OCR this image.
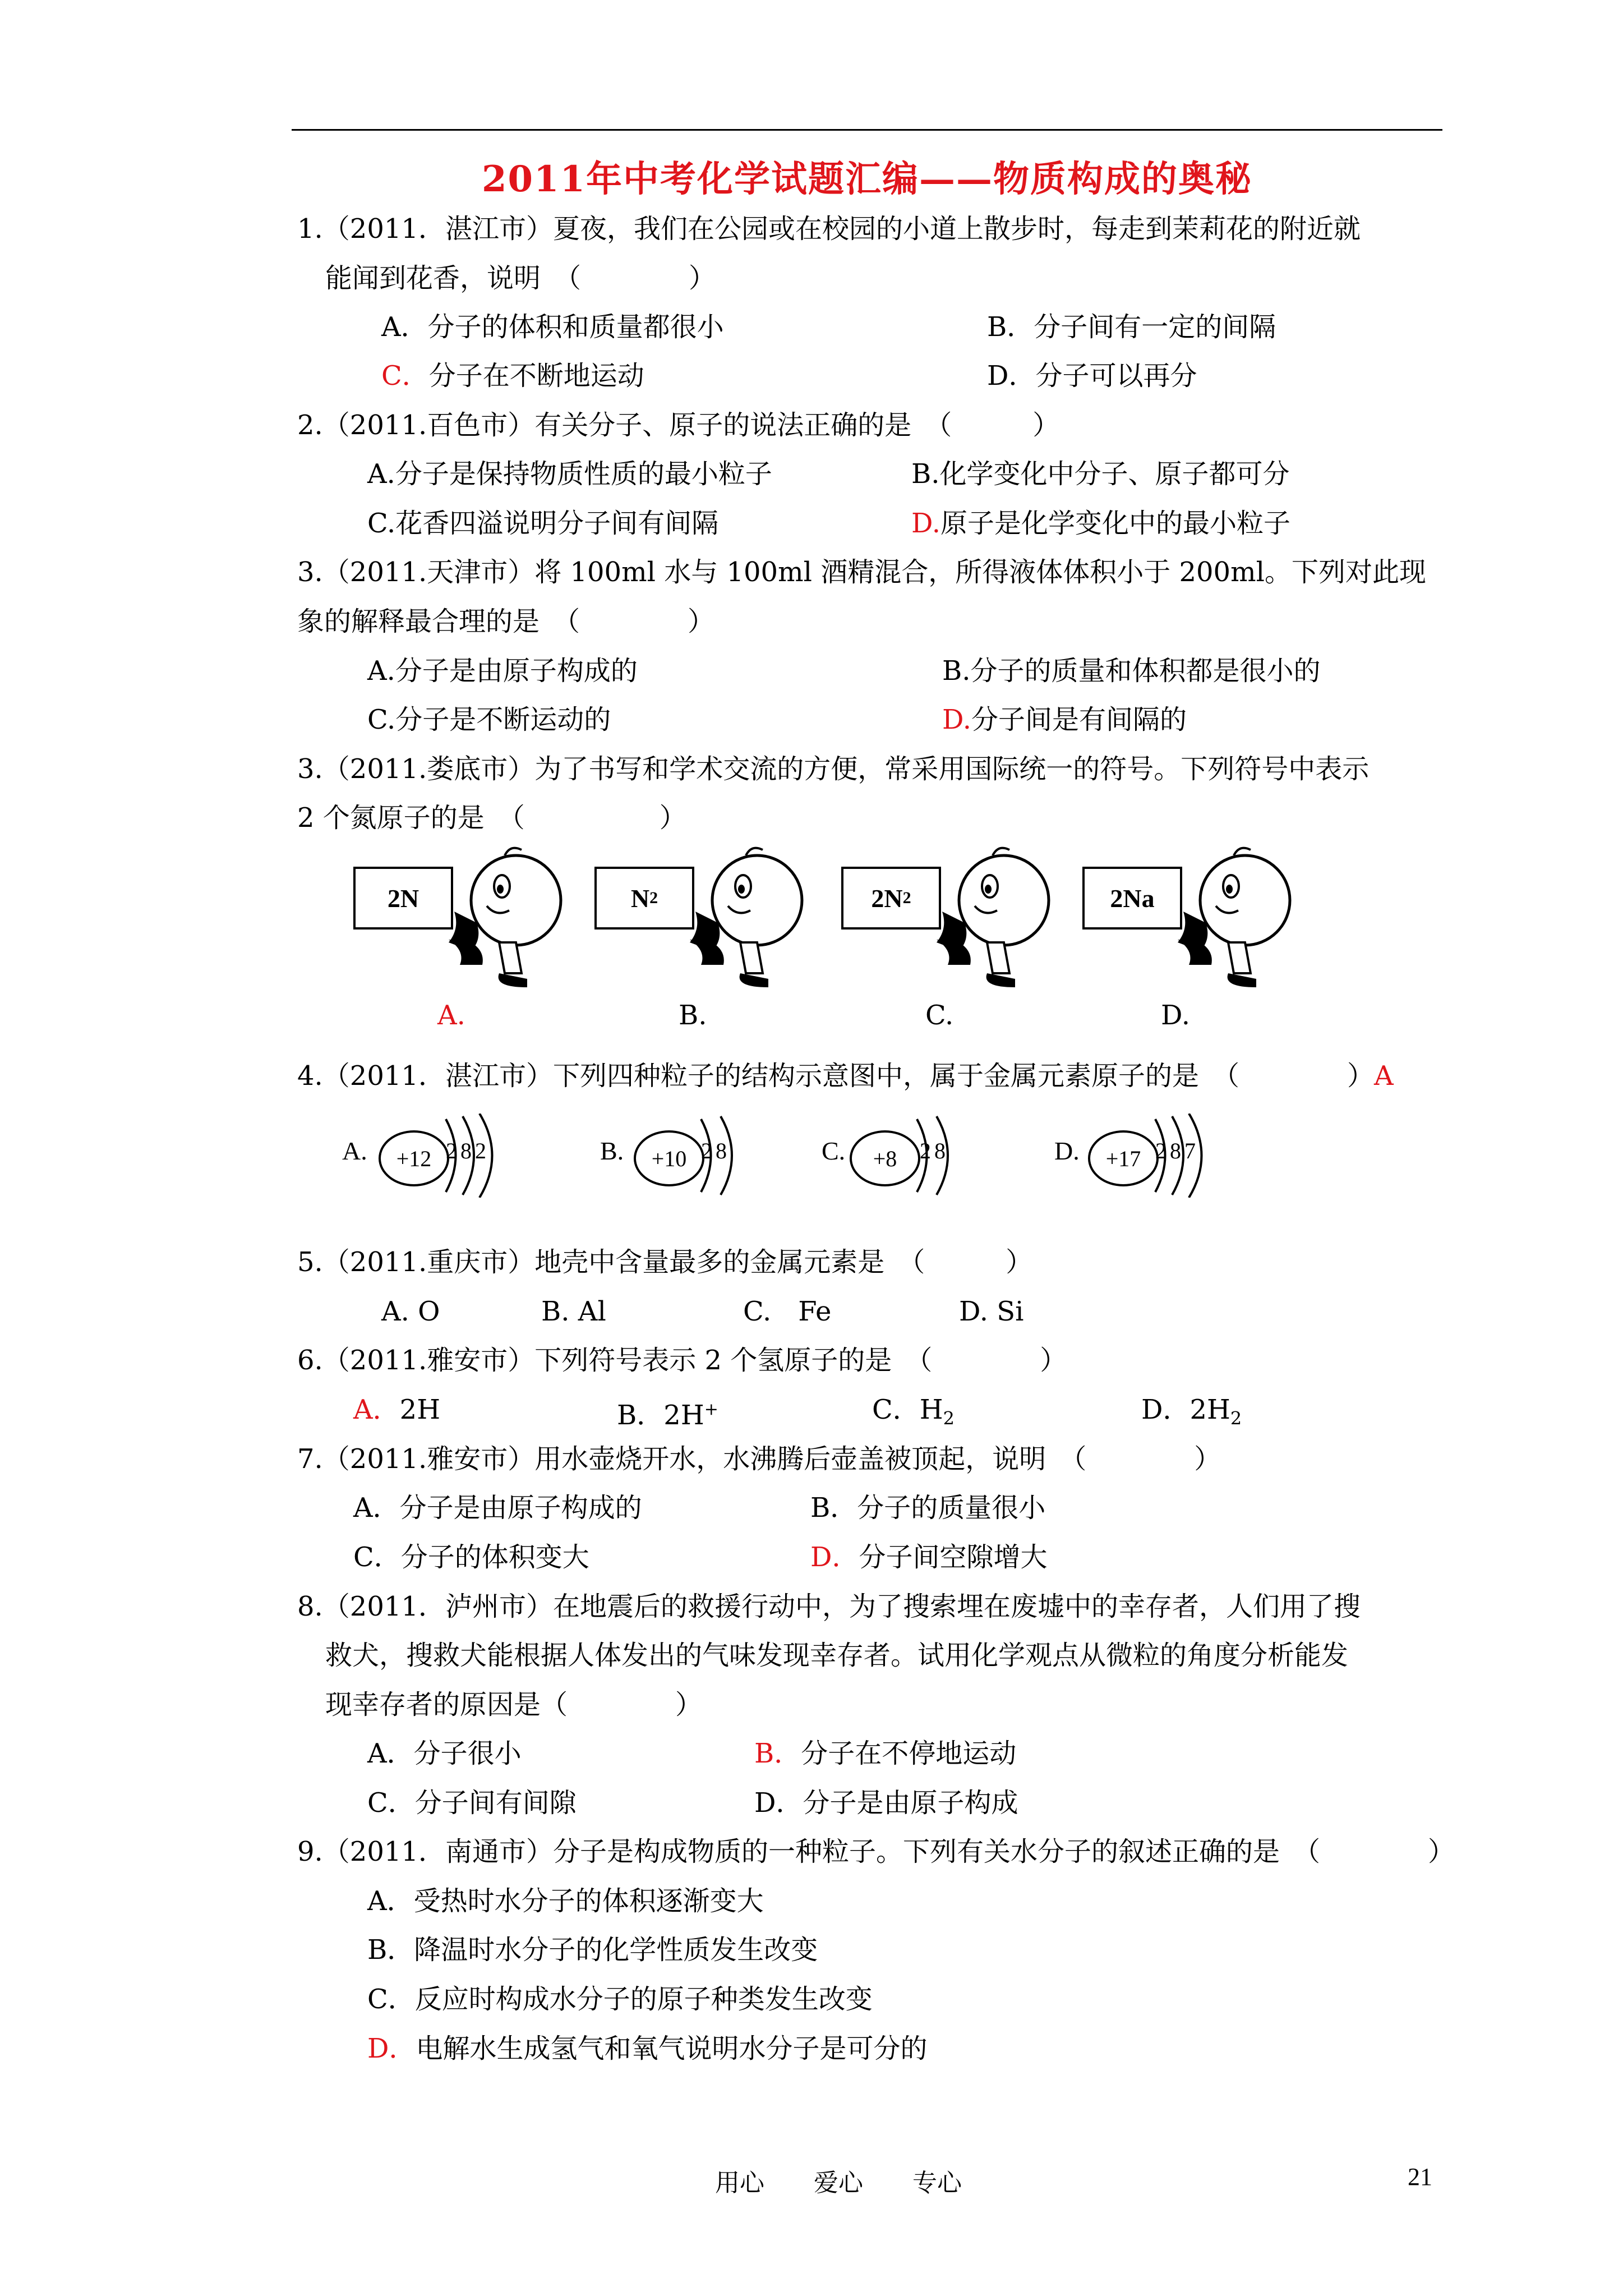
2011年中考化学试题汇编——物质构成的奥秘
1.（2011．湛江市）夏夜，我们在公园或在校园的小道上散步时，每走到茉莉花的附近就
能闻到花香，说明　（　　　　）
A．分子的体积和质量都很小	B．分子间有一定的间隔
C．分子在不断地运动	D．分子可以再分
2.（2011.百色市）有关分子、原子的说法正确的是　（　　　）
A.分子是保持物质性质的最小粒子	B.化学变化中分子、原子都可分
C.花香四溢说明分子间有间隔	D.原子是化学变化中的最小粒子
3.（2011.天津市）将 100ml 水与 100ml 酒精混合，所得液体体积小于 200ml。下列对此现
象的解释最合理的是　（　　　　）
A.分子是由原子构成的	B.分子的质量和体积都是很小的
C.分子是不断运动的	D.分子间是有间隔的
3.（2011.娄底市）为了书写和学术交流的方便，常采用国际统一的符号。下列符号中表示
2 个氮原子的是　（　　　　　）
2N	N 2	2N 2	2Na
A.	B.	C.	D.
4.（2011．湛江市）下列四种粒子的结构示意图中，属于金属元素原子的是　（　　　　）A
A.	+12 2 8 2	B.	+10 2 8	C.	+8	2 8	D.	+17 2 8 7
5.（2011.重庆市）地壳中含量最多的金属元素是　（　　　）
A. O	B. Al	C.　Fe	D. Si
6.（2011.雅安市）下列符号表示 2 个氢原子的是　（　　　　）
A．2H	B．2H+	C．$H_2$	D．$2H_2$
7.（2011.雅安市）用水壶烧开水，水沸腾后壶盖被顶起，说明　（　　　　）
A．分子是由原子构成的	B．分子的质量很小
C．分子的体积变大	D．分子间空隙增大
8.（2011．泸州市）在地震后的救援行动中，为了搜索埋在废墟中的幸存者，人们用了搜
救犬，搜救犬能根据人体发出的气味发现幸存者。试用化学观点从微粒的角度分析能发
现幸存者的原因是（　　　　）
A．分子很小	B．分子在不停地运动
C．分子间有间隙	D．分子是由原子构成
9.（2011．南通市）分子是构成物质的一种粒子。下列有关水分子的叙述正确的是　（　　　　）
A．受热时水分子的体积逐渐变大
B．降温时水分子的化学性质发生改变
C．反应时构成水分子的原子种类发生改变
D．电解水生成氢气和氧气说明水分子是可分的
用心　　爱心　　专心	21
